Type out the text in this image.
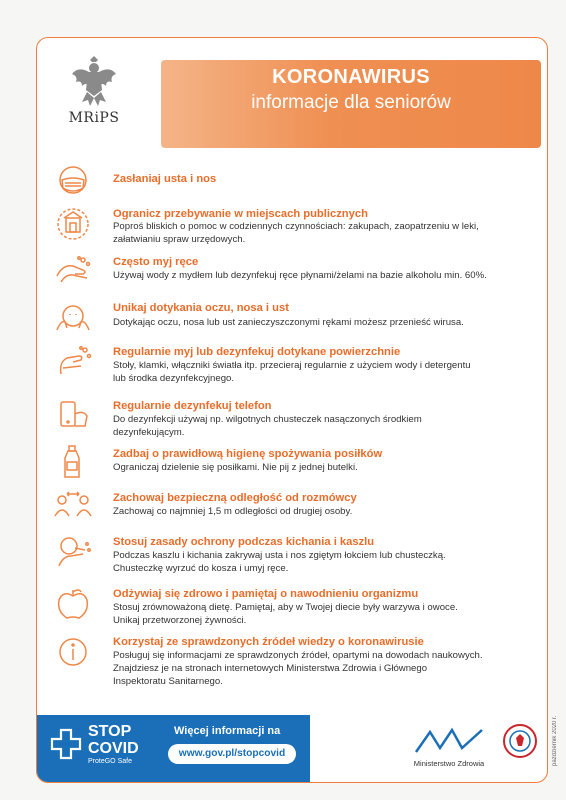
MRiPS
KORONAWIRUS
informacje dla seniorów
Zasłaniaj usta i nos
Ogranicz przebywanie w miejscach publicznych
Poproś bliskich o pomoc w codziennych czynnościach: zakupach, zaopatrzeniu w leki,
załatwianiu spraw urzędowych.
Często myj ręce
Używaj wody z mydłem lub dezynfekuj ręce płynami/żelami na bazie alkoholu min. 60%.
Unikaj dotykania oczu, nosa i ust
Dotykając oczu, nosa lub ust zanieczyszczonymi rękami możesz przenieść wirusa.
Regularnie myj lub dezynfekuj dotykane powierzchnie
Stoły, klamki, włączniki światła itp. przecieraj regularnie z użyciem wody i detergentu
lub środka dezynfekcyjnego.
Regularnie dezynfekuj telefon
Do dezynfekcji używaj np. wilgotnych chusteczek nasączonych środkiem
dezynfekującym.
Zadbaj o prawidłową higienę spożywania posiłków
Ograniczaj dzielenie się posiłkami. Nie pij z jednej butelki.
Zachowaj bezpieczną odległość od rozmówcy
Zachowaj co najmniej 1,5 m odległości od drugiej osoby.
Stosuj zasady ochrony podczas kichania i kaszlu
Podczas kaszlu i kichania zakrywaj usta i nos zgiętym łokciem lub chusteczką.
Chusteczkę wyrzuć do kosza i umyj ręce.
Odżywiaj się zdrowo i pamiętaj o nawodnieniu organizmu
Stosuj zrównoważoną dietę. Pamiętaj, aby w Twojej diecie były warzywa i owoce.
Unikaj przetworzonej żywności.
Korzystaj ze sprawdzonych źródeł wiedzy o koronawirusie
Posługuj się informacjami ze sprawdzonych źródeł, opartymi na dowodach naukowych.
Znajdziesz je na stronach internetowych Ministerstwa Zdrowia i Głównego
Inspektoratu Sanitarnego.
STOP
COVID
ProteGO Safe
Więcej informacji na
www.gov.pl/stopcovid
Ministerstwo Zdrowia	październik 2020 r.
